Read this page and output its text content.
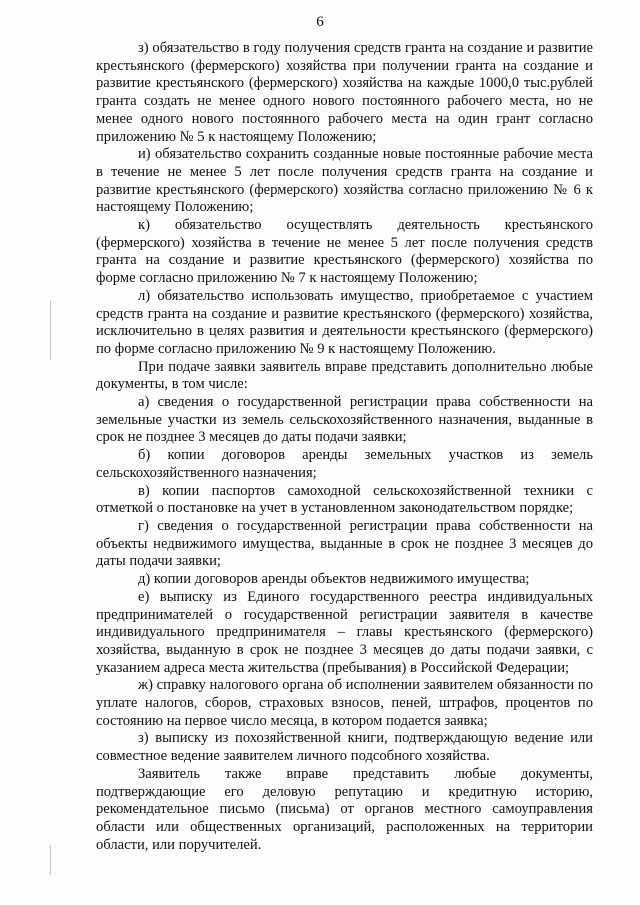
6

з) обязательство в году получения средств гранта на создание и развитие крестьянского (фермерского) хозяйства при получении гранта на создание и развитие крестьянского (фермерского) хозяйства на каждые 1000,0 тыс.рублей гранта создать не менее одного нового постоянного рабочего места, но не менее одного нового постоянного рабочего места на один грант согласно приложению № 5 к настоящему Положению;

и) обязательство сохранить созданные новые постоянные рабочие места в течение не менее 5 лет после получения средств гранта на создание и развитие крестьянского (фермерского) хозяйства согласно приложению № 6 к настоящему Положению;

к) обязательство осуществлять деятельность крестьянского (фермерского) хозяйства в течение не менее 5 лет после получения средств гранта на создание и развитие крестьянского (фермерского) хозяйства по форме согласно приложению № 7 к настоящему Положению;

л) обязательство использовать имущество, приобретаемое с участием средств гранта на создание и развитие крестьянского (фермерского) хозяйства, исключительно в целях развития и деятельности крестьянского (фермерского) по форме согласно приложению № 9 к настоящему Положению.

При подаче заявки заявитель вправе представить дополнительно любые документы, в том числе:

а) сведения о государственной регистрации права собственности на земельные участки из земель сельскохозяйственного назначения, выданные в срок не позднее 3 месяцев до даты подачи заявки;

б) копии договоров аренды земельных участков из земель сельскохозяйственного назначения;

в) копии паспортов самоходной сельскохозяйственной техники с отметкой о постановке на учет в установленном законодательством порядке;

г) сведения о государственной регистрации права собственности на объекты недвижимого имущества, выданные в срок не позднее 3 месяцев до даты подачи заявки;

д) копии договоров аренды объектов недвижимого имущества;

е) выписку из Единого государственного реестра индивидуальных предпринимателей о государственной регистрации заявителя в качестве индивидуального предпринимателя – главы крестьянского (фермерского) хозяйства, выданную в срок не позднее 3 месяцев до даты подачи заявки, с указанием адреса места жительства (пребывания) в Российской Федерации;

ж) справку налогового органа об исполнении заявителем обязанности по уплате налогов, сборов, страховых взносов, пеней, штрафов, процентов по состоянию на первое число месяца, в котором подается заявка;

з) выписку из похозяйственной книги, подтверждающую ведение или совместное ведение заявителем личного подсобного хозяйства.

Заявитель также вправе представить любые документы, подтверждающие его деловую репутацию и кредитную историю, рекомендательное письмо (письма) от органов местного самоуправления области или общественных организаций, расположенных на территории области, или поручителей.
